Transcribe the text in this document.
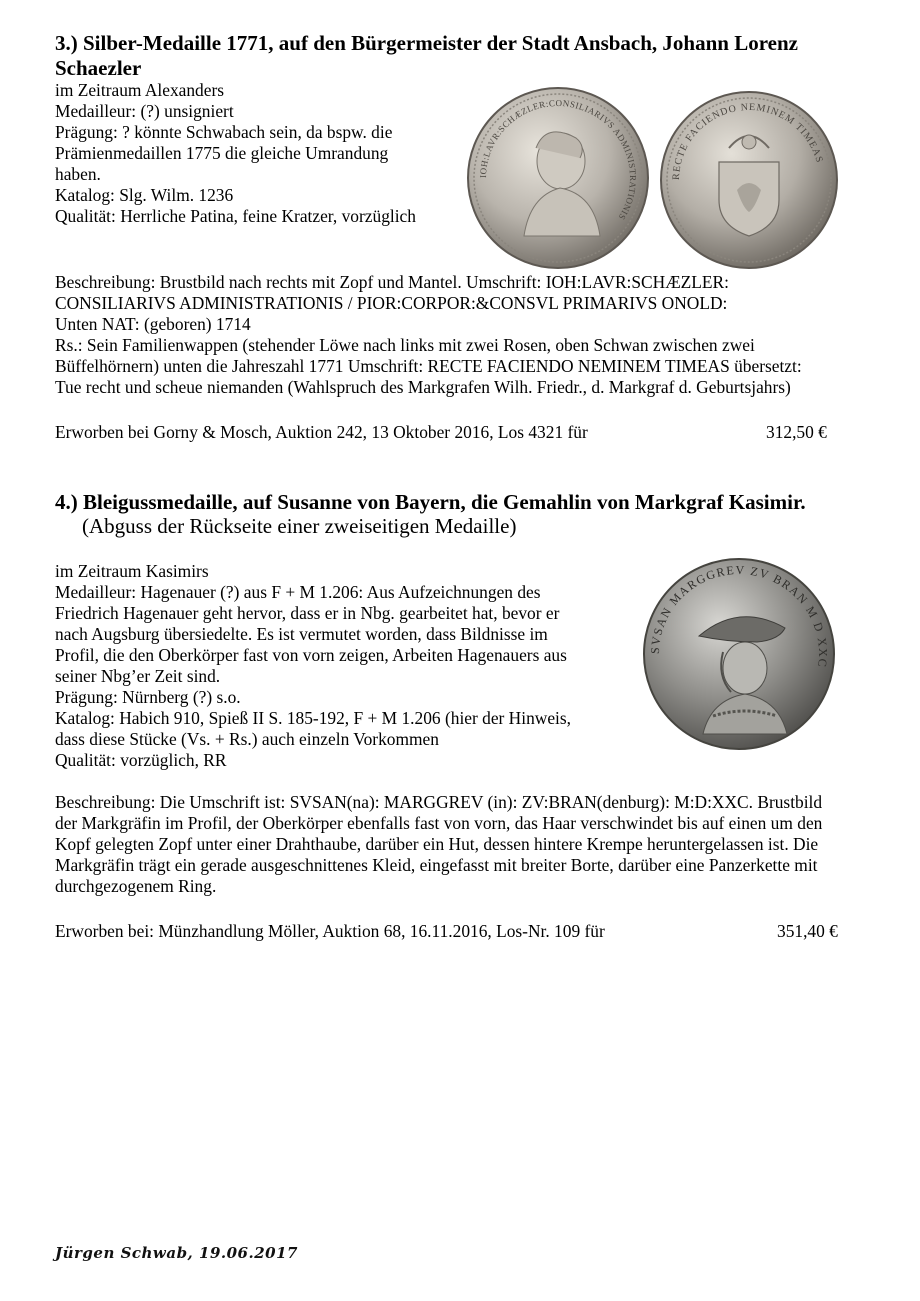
3.) Silber-Medaille 1771, auf den Bürgermeister der Stadt Ansbach, Johann Lorenz
Schaezler
im Zeitraum Alexanders
Medailleur: (?) unsigniert
Prägung: ? könnte Schwabach sein, da bspw. die
Prämienmedaillen 1775 die gleiche Umrandung
haben.
Katalog: Slg. Wilm. 1236
Qualität: Herrliche Patina, feine Kratzer, vorzüglich
IOH:LAVR:SCHÆZLER:CONSILIARIVS ADMINISTRATIONIS
RECTE FACIENDO NEMINEM TIMEAS
Beschreibung: Brustbild nach rechts mit Zopf und Mantel. Umschrift: IOH:LAVR:SCHÆZLER:
CONSILIARIVS ADMINISTRATIONIS / PIOR:CORPOR:&CONSVL PRIMARIVS ONOLD:
Unten NAT: (geboren) 1714
Rs.: Sein Familienwappen (stehender Löwe nach links mit zwei Rosen, oben Schwan zwischen zwei
Büffelhörnern) unten die Jahreszahl 1771 Umschrift: RECTE FACIENDO NEMINEM TIMEAS übersetzt:
Tue recht und scheue niemanden (Wahlspruch des Markgrafen Wilh. Friedr., d. Markgraf d. Geburtsjahrs)
Erworben bei Gorny & Mosch, Auktion 242, 13 Oktober 2016, Los 4321 für	312,50 €
4.) Bleigussmedaille, auf Susanne von Bayern, die Gemahlin von Markgraf Kasimir.
(Abguss der Rückseite einer zweiseitigen Medaille)
im Zeitraum Kasimirs
Medailleur: Hagenauer (?) aus F + M 1.206: Aus Aufzeichnungen des
Friedrich Hagenauer geht hervor, dass er in Nbg. gearbeitet hat, bevor er
nach Augsburg übersiedelte. Es ist vermutet worden, dass Bildnisse im
Profil, die den Oberkörper fast von vorn zeigen, Arbeiten Hagenauers aus
seiner Nbg’er Zeit sind.
Prägung: Nürnberg (?) s.o.
Katalog: Habich 910, Spieß II S. 185-192, F + M 1.206 (hier der Hinweis,
dass diese Stücke (Vs. + Rs.) auch einzeln Vorkommen
Qualität: vorzüglich, RR
SVSAN MARGGREV ZV BRAN M D XXC
Beschreibung: Die Umschrift ist: SVSAN(na): MARGGREV (in): ZV:BRAN(denburg): M:D:XXC. Brustbild
der Markgräfin im Profil, der Oberkörper ebenfalls fast von vorn, das Haar verschwindet bis auf einen um den
Kopf gelegten Zopf unter einer Drahthaube, darüber ein Hut, dessen hintere Krempe heruntergelassen ist. Die
Markgräfin trägt ein gerade ausgeschnittenes Kleid, eingefasst mit breiter Borte, darüber eine Panzerkette mit
durchgezogenem Ring.
Erworben bei: Münzhandlung Möller, Auktion 68, 16.11.2016, Los-Nr. 109 für	351,40 €
Jürgen Schwab, 19.06.2017
